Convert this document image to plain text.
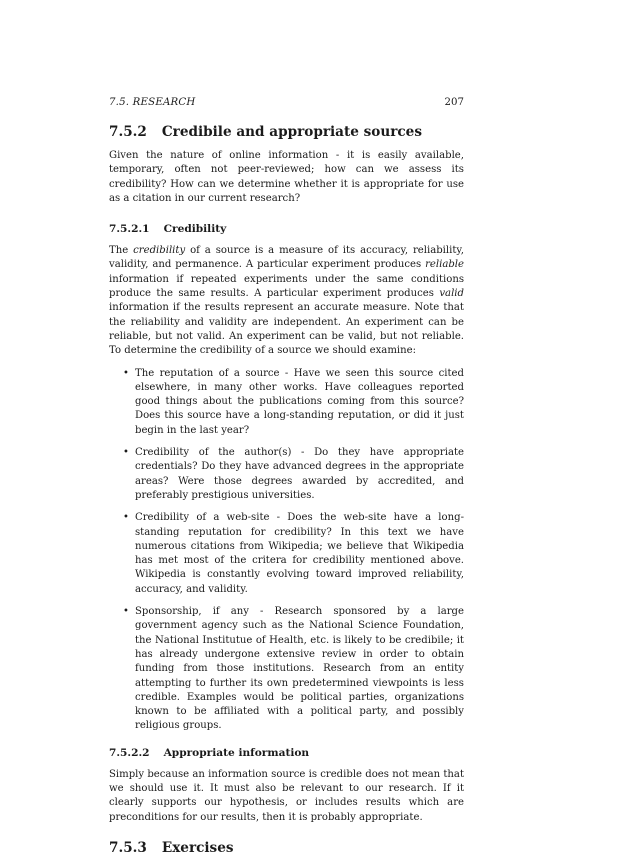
7.5. RESEARCH	207
7.5.2 Credibile and appropriate sources

Given the nature of online information - it is easily available, temporary, often not peer-reviewed; how can we assess its credibility? How can we determine whether it is appropriate for use as a citation in our current research?

7.5.2.1 Credibility

The credibility of a source is a measure of its accuracy, reliability, validity, and permanence. A particular experiment produces reliable information if repeated experiments under the same conditions produce the same results. A particular experiment produces valid information if the results represent an accurate measure. Note that the reliability and validity are independent. An experiment can be reliable, but not valid. An experiment can be valid, but not reliable. To determine the credibility of a source we should examine:

• The reputation of a source - Have we seen this source cited elsewhere, in many other works. Have colleagues reported good things about the publications coming from this source? Does this source have a long-standing reputation, or did it just begin in the last year?
• Credibility of the author(s) - Do they have appropriate credentials? Do they have advanced degrees in the appropriate areas? Were those degrees awarded by accredited, and preferably prestigious universities.
• Credibility of a web-site - Does the web-site have a long-standing reputation for credibility? In this text we have numerous citations from Wikipedia; we believe that Wikipedia has met most of the critera for credibility mentioned above. Wikipedia is constantly evolving toward improved reliability, accuracy, and validity.
• Sponsorship, if any - Research sponsored by a large government agency such as the National Science Foundation, the National Institutue of Health, etc. is likely to be credibile; it has already undergone extensive review in order to obtain funding from those institutions. Research from an entity attempting to further its own predetermined viewpoints is less credible. Examples would be political parties, organizations known to be affiliated with a political party, and possibly religious groups.
7.5.2.2 Appropriate information

Simply because an information source is credible does not mean that we should use it. It must also be relevant to our research. If it clearly supports our hypothesis, or includes results which are preconditions for our results, then it is probably appropriate.

7.5.3 Exercises
